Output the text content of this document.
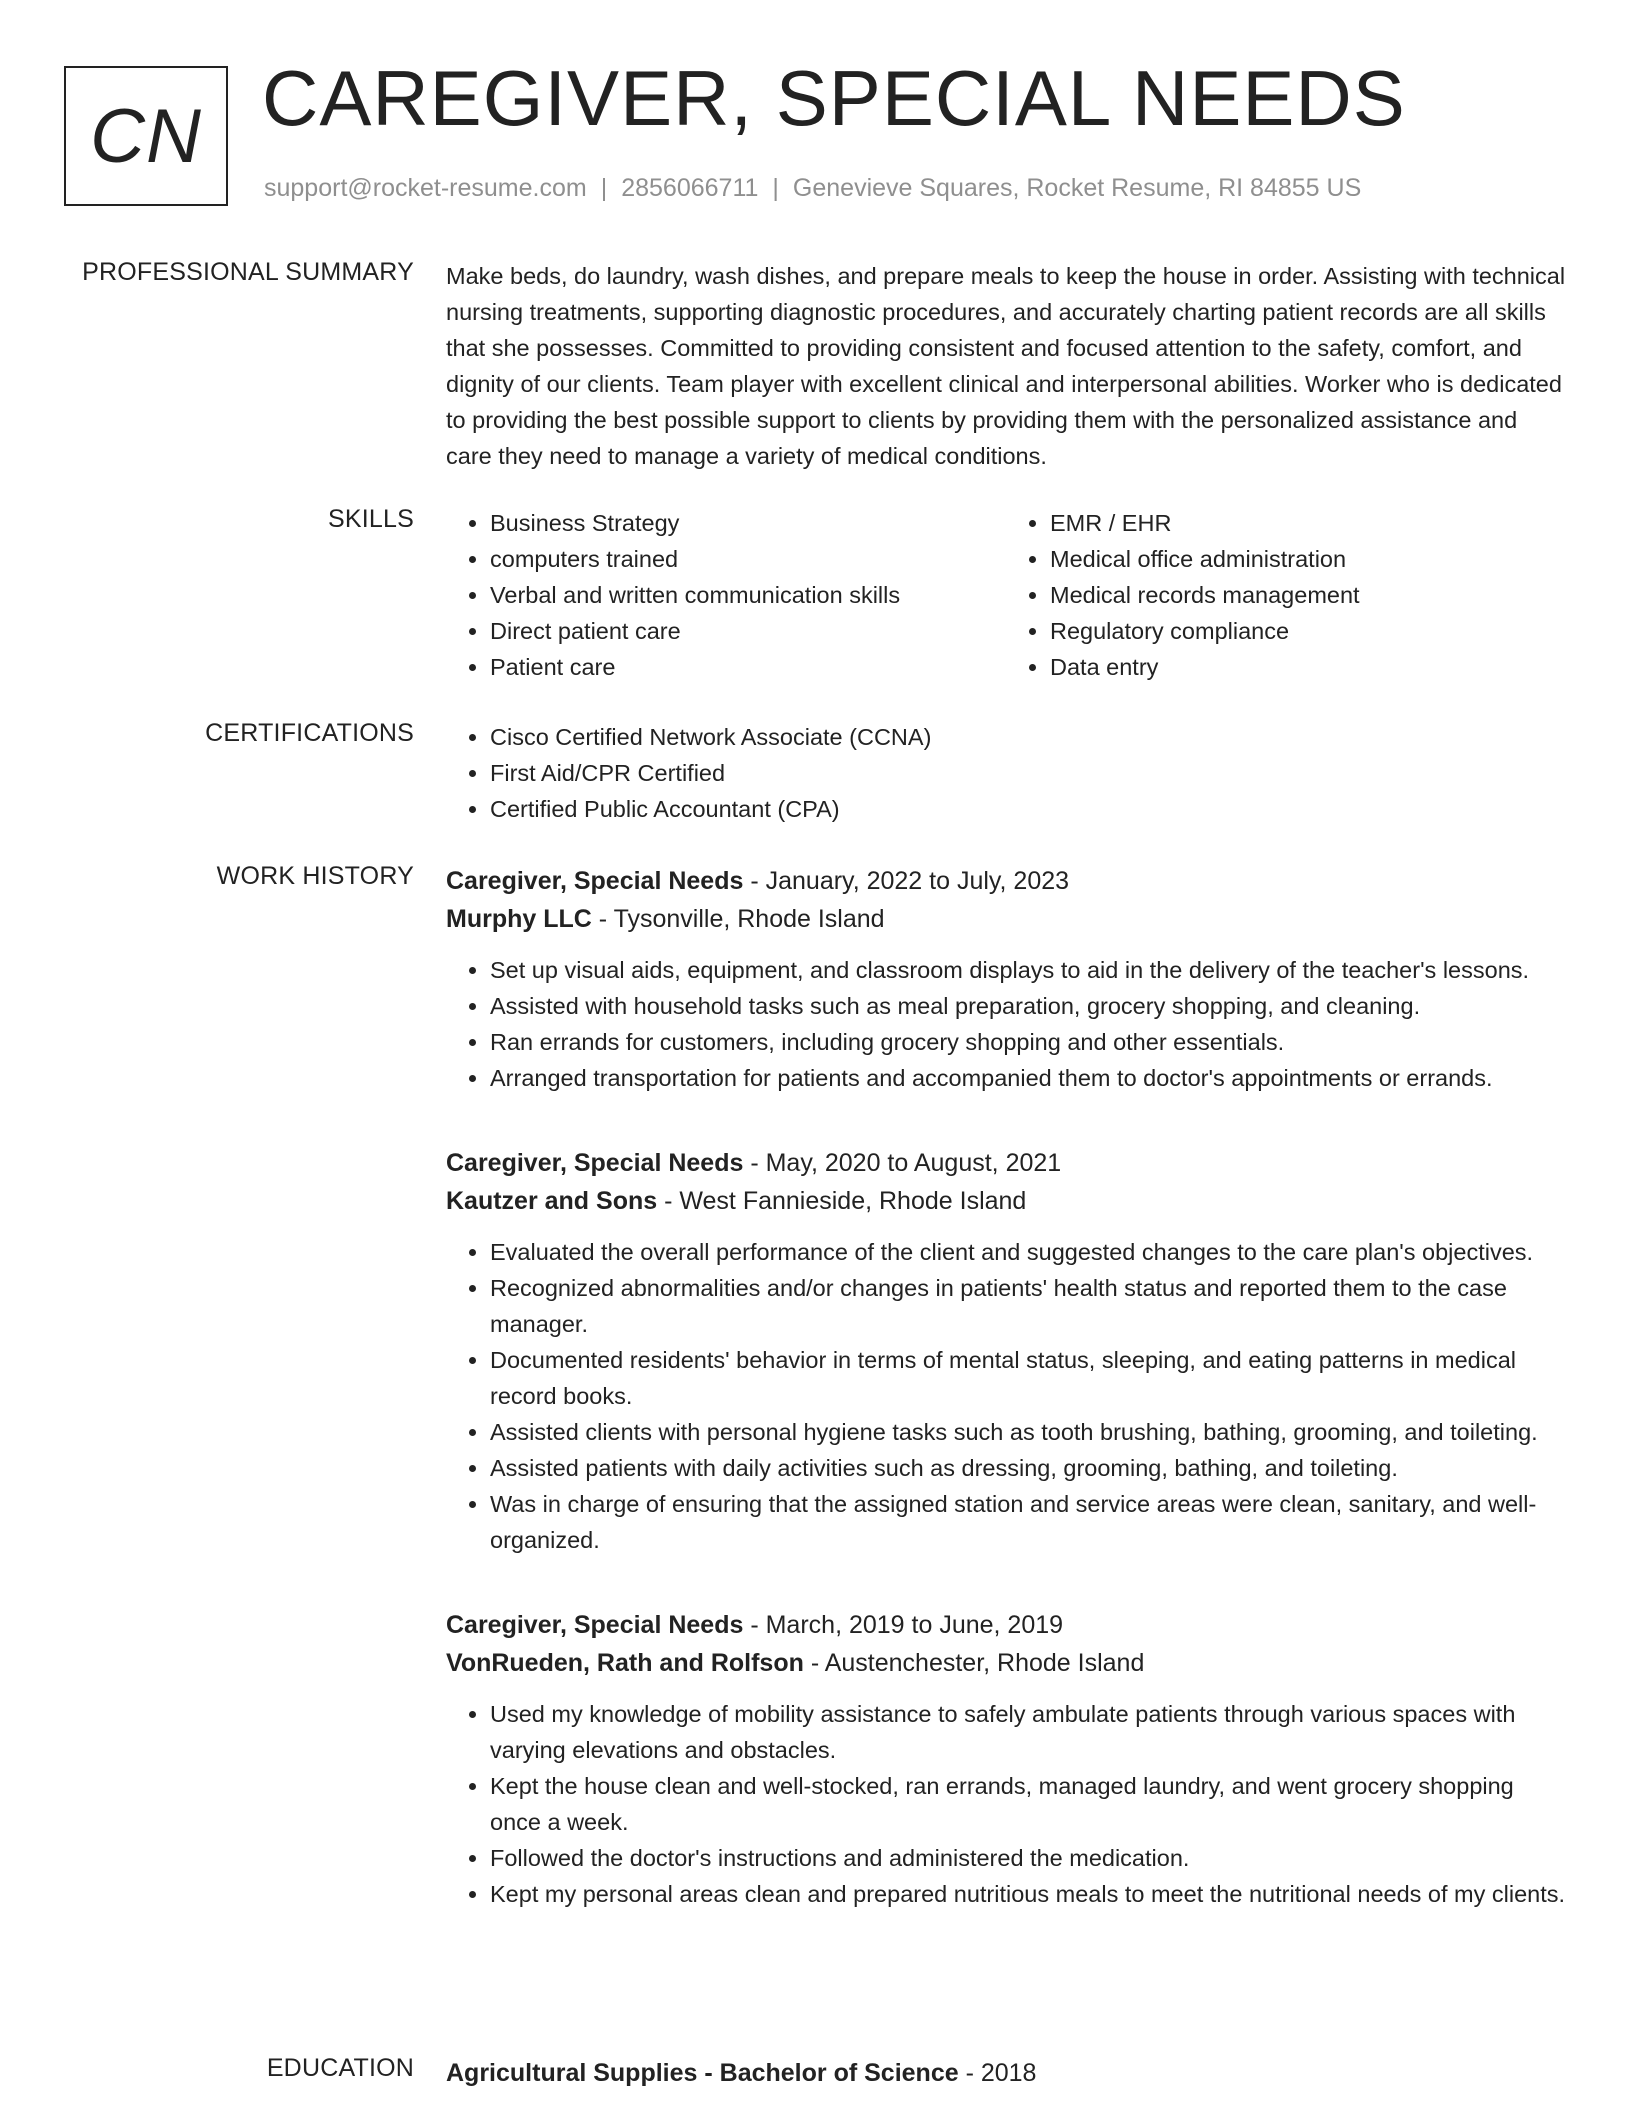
CN CAREGIVER, SPECIAL NEEDS
support@rocket-resume.com | 2856066711 | Genevieve Squares, Rocket Resume, RI 84855 US
PROFESSIONAL SUMMARY Make beds, do laundry, wash dishes, and prepare meals to keep the house in order. Assisting with technical nursing treatments, supporting diagnostic procedures, and accurately charting patient records are all skills that she possesses. Committed to providing consistent and focused attention to the safety, comfort, and dignity of our clients. Team player with excellent clinical and interpersonal abilities. Worker who is dedicated to providing the best possible support to clients by providing them with the personalized assistance and care they need to manage a variety of medical conditions.

SKILLS	• Business Strategy
• computers trained
• Verbal and written communication skills
• Direct patient care
• Patient care
• EMR / EHR
• Medical office administration
• Medical records management
• Regulatory compliance
• Data entry
CERTIFICATIONS	• Cisco Certified Network Associate (CCNA)
• First Aid/CPR Certified
• Certified Public Accountant (CPA)
WORK HISTORY Caregiver, Special Needs - January, 2022 to July, 2023
Murphy LLC - Tysonville, Rhode Island
• Set up visual aids, equipment, and classroom displays to aid in the delivery of the teacher's lessons.
• Assisted with household tasks such as meal preparation, grocery shopping, and cleaning.
• Ran errands for customers, including grocery shopping and other essentials.
• Arranged transportation for patients and accompanied them to doctor's appointments or errands.
Caregiver, Special Needs - May, 2020 to August, 2021
Kautzer and Sons - West Fannieside, Rhode Island
• Evaluated the overall performance of the client and suggested changes to the care plan's objectives.
• Recognized abnormalities and/or changes in patients' health status and reported them to the case manager.
• Documented residents' behavior in terms of mental status, sleeping, and eating patterns in medical record books.
• Assisted clients with personal hygiene tasks such as tooth brushing, bathing, grooming, and toileting.
• Assisted patients with daily activities such as dressing, grooming, bathing, and toileting.
• Was in charge of ensuring that the assigned station and service areas were clean, sanitary, and well-organized.
Caregiver, Special Needs - March, 2019 to June, 2019
VonRueden, Rath and Rolfson - Austenchester, Rhode Island
• Used my knowledge of mobility assistance to safely ambulate patients through various spaces with varying elevations and obstacles.
• Kept the house clean and well-stocked, ran errands, managed laundry, and went grocery shopping once a week.
• Followed the doctor's instructions and administered the medication.
• Kept my personal areas clean and prepared nutritious meals to meet the nutritional needs of my clients.
EDUCATION Agricultural Supplies - Bachelor of Science - 2018
